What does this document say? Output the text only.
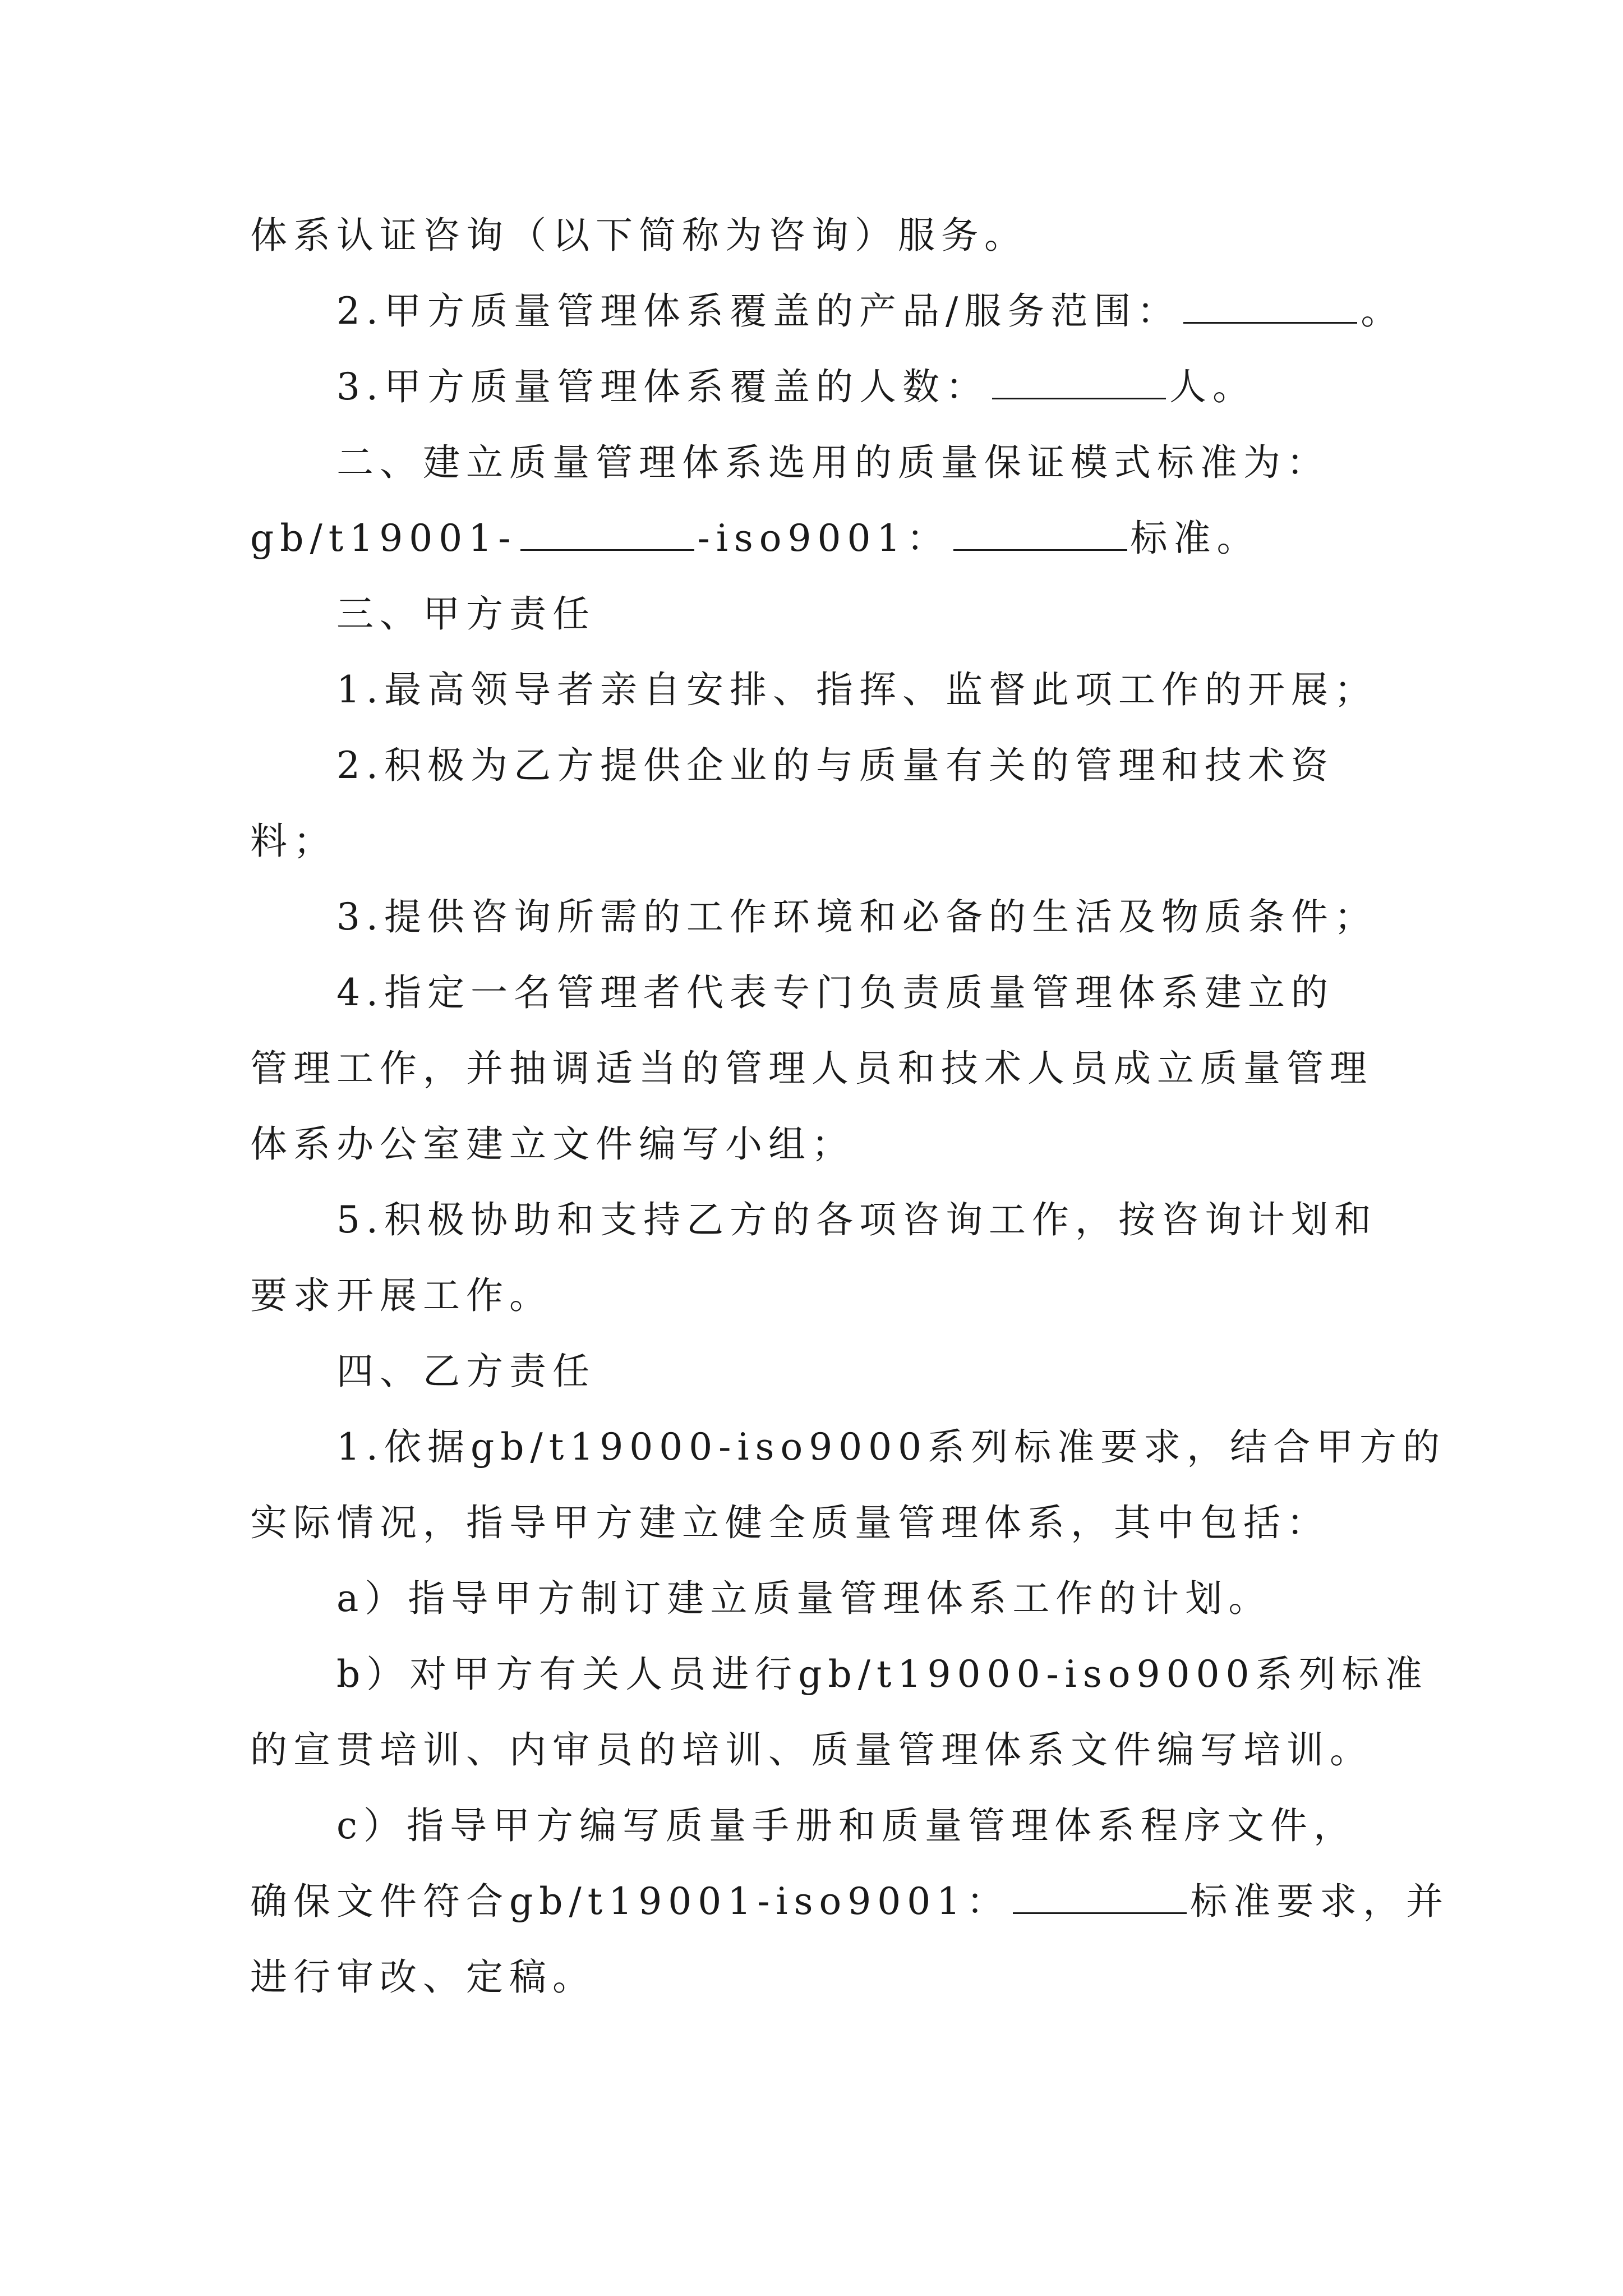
体系认证咨询（以下简称为咨询）服务。
2.甲方质量管理体系覆盖的产品/服务范围：	。
3.甲方质量管理体系覆盖的人数：	人。
二、建立质量管理体系选用的质量保证模式标准为：
gb/t19001-	-iso9001：	标准。
三、甲方责任
1.最高领导者亲自安排、指挥、监督此项工作的开展；
2.积极为乙方提供企业的与质量有关的管理和技术资
料；
3.提供咨询所需的工作环境和必备的生活及物质条件；
4.指定一名管理者代表专门负责质量管理体系建立的
管理工作，并抽调适当的管理人员和技术人员成立质量管理
体系办公室建立文件编写小组；
5.积极协助和支持乙方的各项咨询工作，按咨询计划和
要求开展工作。
四、乙方责任
1.依据gb/t19000-iso9000系列标准要求，结合甲方的
实际情况，指导甲方建立健全质量管理体系，其中包括：
a）指导甲方制订建立质量管理体系工作的计划。
b）对甲方有关人员进行gb/t19000-iso9000系列标准
的宣贯培训、内审员的培训、质量管理体系文件编写培训。
c）指导甲方编写质量手册和质量管理体系程序文件，
确保文件符合gb/t19001-iso9001：	标准要求，并
进行审改、定稿。
